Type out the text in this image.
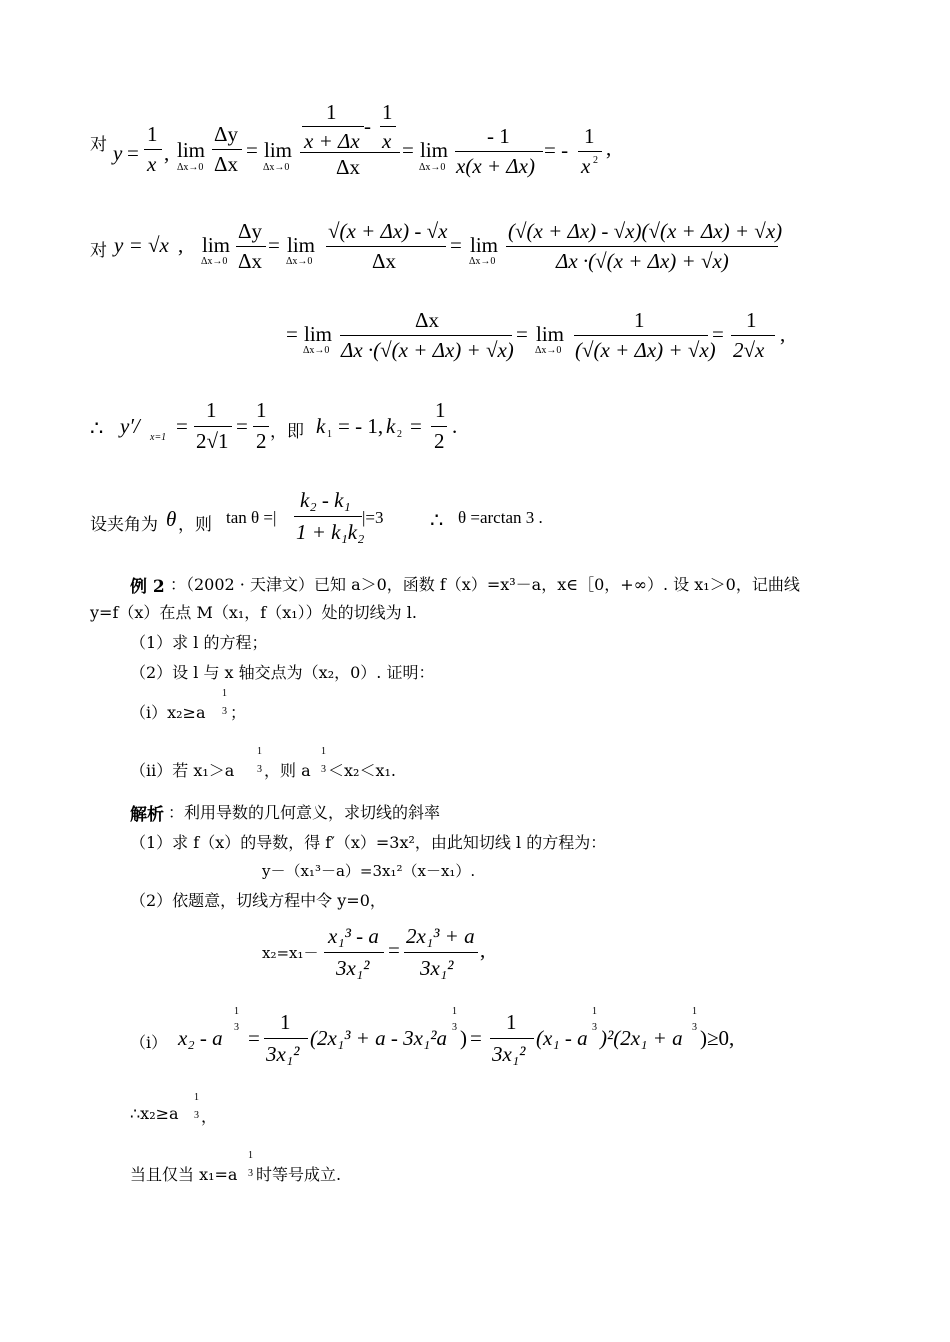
对 y =
1
x , lim
Δx→0
Δy
Δx
= lim
Δx→0
1
x + Δx
-
1
x
Δx
= lim
Δx→0
- 1
x(x + Δx)
= -
1
x 2
,
对 y = √x , lim
Δx→0
Δy
Δx
= lim
Δx→0
√(x + Δx) - √x
Δx
= lim
Δx→0
(√(x + Δx) - √x)(√(x + Δx) + √x)
Δx ·(√(x + Δx) + √x)
= lim
Δx→0
Δx
Δx ·(√(x + Δx) + √x)
= lim
Δx→0
1
(√(x + Δx) + √x)
=
1
2√x
,
∴ y′/ x=1 =
1
2√1
=
1
2 ，即 k 1 = - 1, k 2 =
1
2
.
设夹角为 θ ，则 tan θ =|
k₂ - k₁
1 + k₁k₂
|=3 ∴ θ =arctan 3 .
例 2 ：（2002 · 天津文）已知 a＞0，函数 f（x）=x³－a，x∈［0，+∞）. 设 x₁＞0，记曲线
y=f（x）在点 M（x₁，f（x₁））处的切线为 l.
（1）求 l 的方程；
（2）设 l 与 x 轴交点为（x₂，0）. 证明：
（i）x₂≥a
1
3 ；
（ii）若 x₁＞a
1
3 ，则 a
1
3 ＜x₂＜x₁.
解析 ：利用导数的几何意义，求切线的斜率
（1）求 f（x）的导数，得 f′（x）=3x²，由此知切线 l 的方程为：
y－（x₁³－a）=3x₁²（x－x₁）.
（2）依题意，切线方程中令 y=0，
x₂=x₁－
x₁³ - a
3x₁²
=
2x₁³ + a
3x₁²
,
（i） x₂ - a
1
3 =
1
3x₁²
(2x₁³ + a - 3x₁²a
1
3 ) =
1
3x₁²
(x₁ - a
1
3 )²(2x₁ + a
1
3 )≥0,
∴x₂≥a
1
3 ，
当且仅当 x₁=a
1
3 时等号成立.
